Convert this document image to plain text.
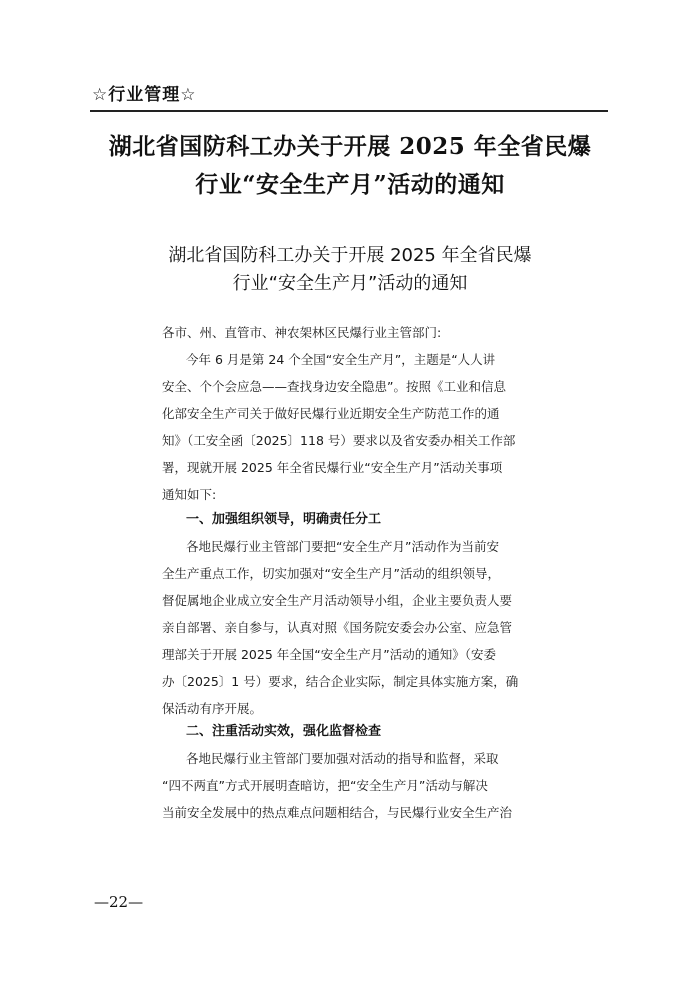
☆行业管理☆
湖北省国防科工办关于开展 2025 年全省民爆
行业“安全生产月”活动的通知
湖北省国防科工办关于开展 2025 年全省民爆
行业“安全生产月”活动的通知
各市、州、直管市、神农架林区民爆行业主管部门:
今年 6 月是第 24 个全国“安全生产月”，主题是“人人讲
安全、个个会应急——查找身边安全隐患”。按照《工业和信息
化部安全生产司关于做好民爆行业近期安全生产防范工作的通
知》（工安全函〔2025〕118 号）要求以及省安委办相关工作部
署，现就开展 2025 年全省民爆行业“安全生产月”活动关事项
通知如下:
一、加强组织领导，明确责任分工
各地民爆行业主管部门要把“安全生产月”活动作为当前安
全生产重点工作，切实加强对“安全生产月”活动的组织领导，
督促属地企业成立安全生产月活动领导小组，企业主要负责人要
亲自部署、亲自参与，认真对照《国务院安委会办公室、应急管
理部关于开展 2025 年全国“安全生产月”活动的通知》（安委
办〔2025〕1 号）要求，结合企业实际，制定具体实施方案，确
保活动有序开展。
二、注重活动实效，强化监督检查
各地民爆行业主管部门要加强对活动的指导和监督，采取
“四不两直”方式开展明查暗访，把“安全生产月”活动与解决
当前安全发展中的热点难点问题相结合，与民爆行业安全生产治
—22—
